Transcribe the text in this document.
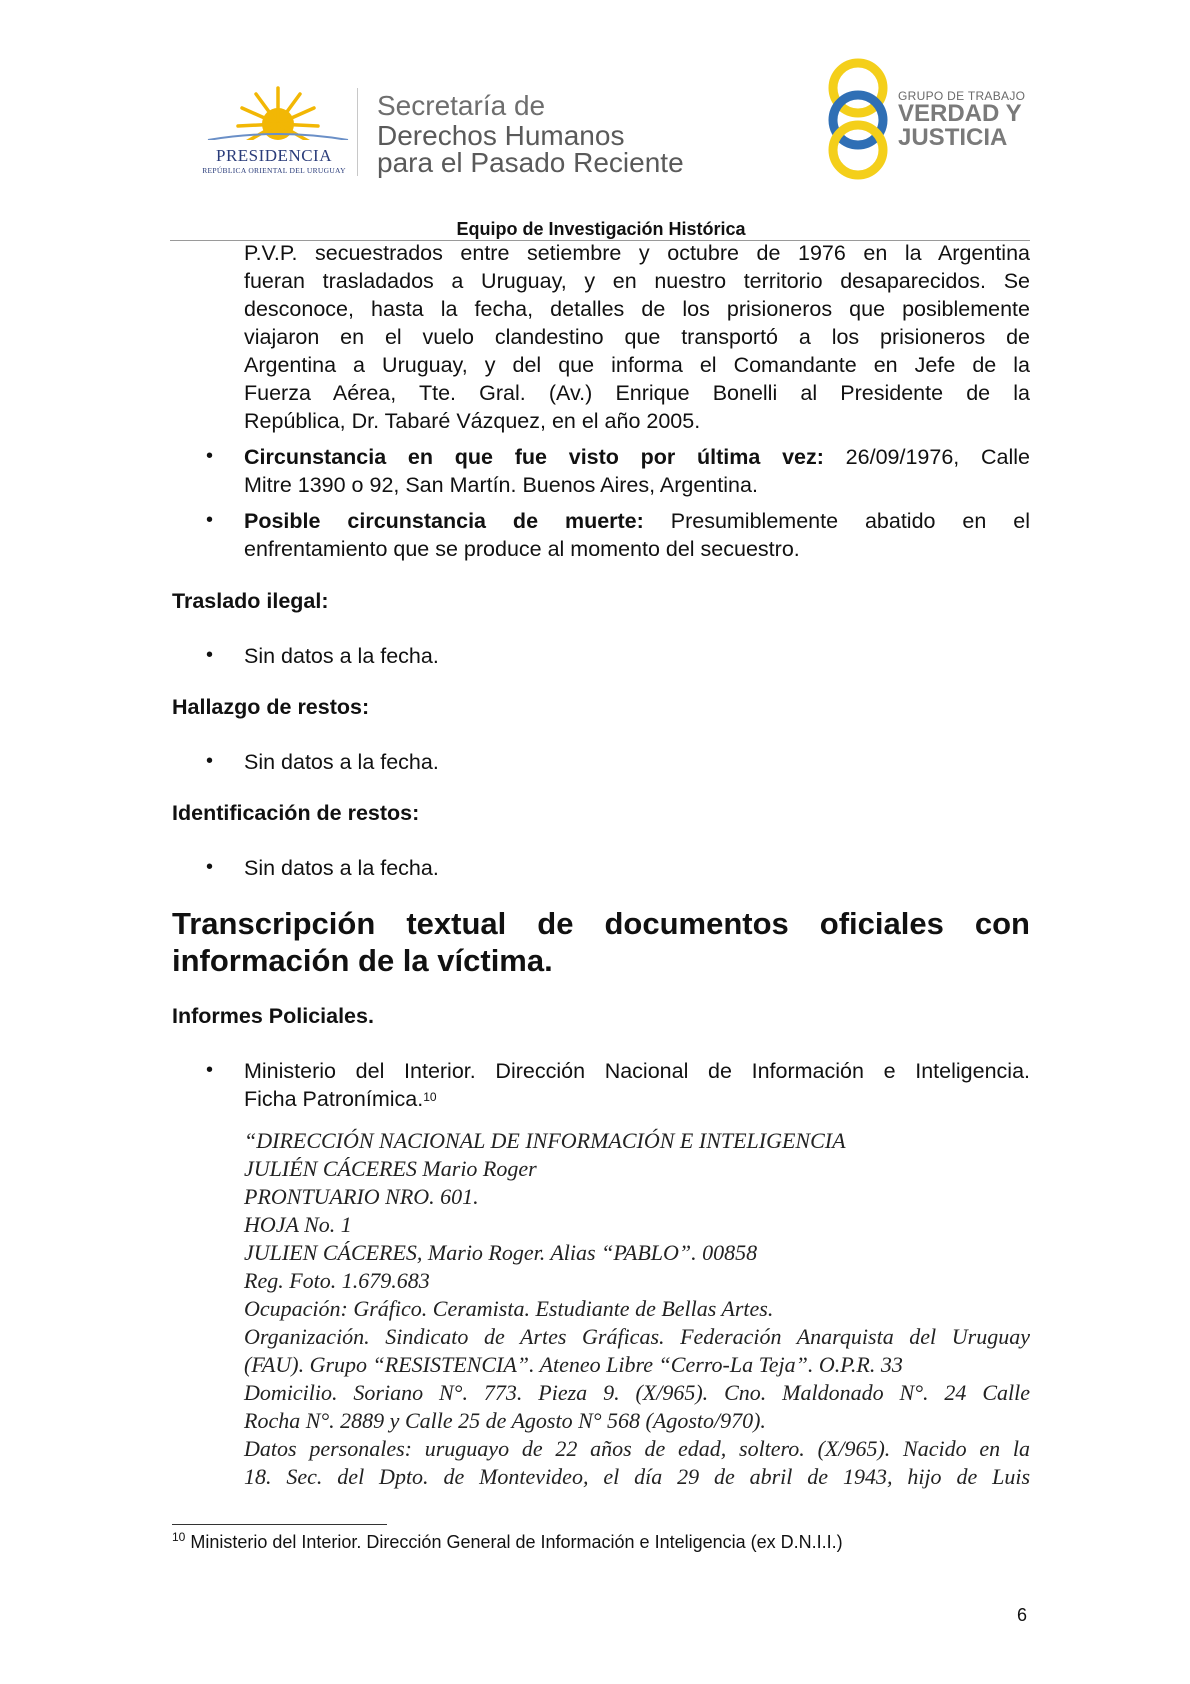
PRESIDENCIA
REPÚBLICA ORIENTAL DEL URUGUAY
Secretaría de
Derechos Humanos
para el Pasado Reciente
GRUPO DE TRABAJO
VERDAD Y
JUSTICIA
Equipo de Investigación Histórica
P.V.P. secuestrados entre setiembre y octubre de 1976 en la Argentina
fueran trasladados a Uruguay, y en nuestro territorio desaparecidos. Se
desconoce, hasta la fecha, detalles de los prisioneros que posiblemente
viajaron en el vuelo clandestino que transportó a los prisioneros de
Argentina a Uruguay, y del que informa el Comandante en Jefe de la
Fuerza Aérea, Tte. Gral. (Av.) Enrique Bonelli al Presidente de la
República, Dr. Tabaré Vázquez, en el año 2005.
• Circunstancia en que fue visto por última vez: 26/09/1976, Calle
Mitre 1390 o 92, San Martín. Buenos Aires, Argentina.
• Posible circunstancia de muerte: Presumiblemente abatido en el
enfrentamiento que se produce al momento del secuestro.
Traslado ilegal:
• Sin datos a la fecha.
Hallazgo de restos:
• Sin datos a la fecha.
Identificación de restos:
• Sin datos a la fecha.
Transcripción textual de documentos oficiales con
información de la víctima.
Informes Policiales.
• Ministerio del Interior. Dirección Nacional de Información e Inteligencia.
Ficha Patronímica.$^{10}$
“DIRECCIÓN NACIONAL DE INFORMACIÓN E INTELIGENCIA
JULIÉN CÁCERES Mario Roger
PRONTUARIO NRO. 601.
HOJA No. 1
JULIEN CÁCERES, Mario Roger. Alias “PABLO”. 00858
Reg. Foto. 1.679.683
Ocupación: Gráfico. Ceramista. Estudiante de Bellas Artes.
Organización. Sindicato de Artes Gráficas. Federación Anarquista del Uruguay
(FAU). Grupo “RESISTENCIA”. Ateneo Libre “Cerro-La Teja”. O.P.R. 33
Domicilio. Soriano N°. 773. Pieza 9. (X/965). Cno. Maldonado N°. 24 Calle
Rocha N°. 2889 y Calle 25 de Agosto N° 568 (Agosto/970).
Datos personales: uruguayo de 22 años de edad, soltero. (X/965). Nacido en la
18. Sec. del Dpto. de Montevideo, el día 29 de abril de 1943, hijo de Luis
$^{10}$ Ministerio del Interior. Dirección General de Información e Inteligencia (ex D.N.I.I.)
6
